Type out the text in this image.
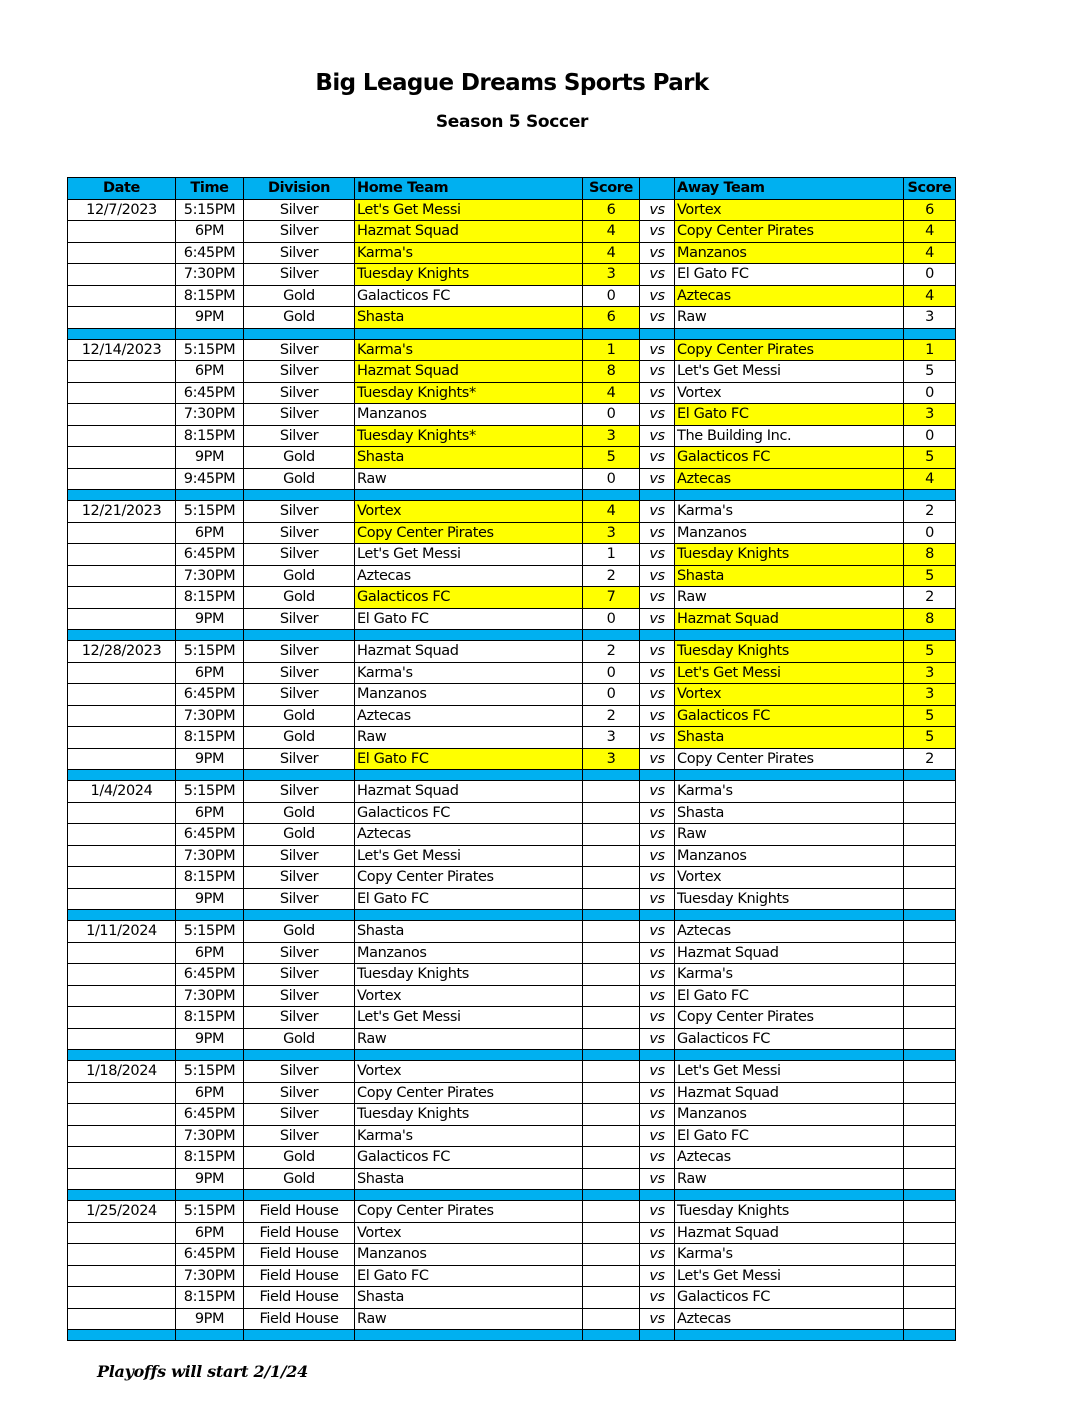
Big League Dreams Sports Park
Season 5 Soccer
Date	Time	Division	Home Team	Score		Away Team	Score
12/7/2023	5:15PM	Silver	Let's Get Messi	6	vs	Vortex	6
	6PM	Silver	Hazmat Squad	4	vs	Copy Center Pirates	4
	6:45PM	Silver	Karma's	4	vs	Manzanos	4
	7:30PM	Silver	Tuesday Knights	3	vs	El Gato FC	0
	8:15PM	Gold	Galacticos FC	0	vs	Aztecas	4
	9PM	Gold	Shasta	6	vs	Raw	3

12/14/2023	5:15PM	Silver	Karma's	1	vs	Copy Center Pirates	1
	6PM	Silver	Hazmat Squad	8	vs	Let's Get Messi	5
	6:45PM	Silver	Tuesday Knights*	4	vs	Vortex	0
	7:30PM	Silver	Manzanos	0	vs	El Gato FC	3
	8:15PM	Silver	Tuesday Knights*	3	vs	The Building Inc.	0
	9PM	Gold	Shasta	5	vs	Galacticos FC	5
	9:45PM	Gold	Raw	0	vs	Aztecas	4

12/21/2023	5:15PM	Silver	Vortex	4	vs	Karma's	2
	6PM	Silver	Copy Center Pirates	3	vs	Manzanos	0
	6:45PM	Silver	Let's Get Messi	1	vs	Tuesday Knights	8
	7:30PM	Gold	Aztecas	2	vs	Shasta	5
	8:15PM	Gold	Galacticos FC	7	vs	Raw	2
	9PM	Silver	El Gato FC	0	vs	Hazmat Squad	8

12/28/2023	5:15PM	Silver	Hazmat Squad	2	vs	Tuesday Knights	5
	6PM	Silver	Karma's	0	vs	Let's Get Messi	3
	6:45PM	Silver	Manzanos	0	vs	Vortex	3
	7:30PM	Gold	Aztecas	2	vs	Galacticos FC	5
	8:15PM	Gold	Raw	3	vs	Shasta	5
	9PM	Silver	El Gato FC	3	vs	Copy Center Pirates	2

1/4/2024	5:15PM	Silver	Hazmat Squad		vs	Karma's	
	6PM	Gold	Galacticos FC		vs	Shasta	
	6:45PM	Gold	Aztecas		vs	Raw	
	7:30PM	Silver	Let's Get Messi		vs	Manzanos	
	8:15PM	Silver	Copy Center Pirates		vs	Vortex	
	9PM	Silver	El Gato FC		vs	Tuesday Knights	

1/11/2024	5:15PM	Gold	Shasta		vs	Aztecas	
	6PM	Silver	Manzanos		vs	Hazmat Squad	
	6:45PM	Silver	Tuesday Knights		vs	Karma's	
	7:30PM	Silver	Vortex		vs	El Gato FC	
	8:15PM	Silver	Let's Get Messi		vs	Copy Center Pirates	
	9PM	Gold	Raw		vs	Galacticos FC	

1/18/2024	5:15PM	Silver	Vortex		vs	Let's Get Messi	
	6PM	Silver	Copy Center Pirates		vs	Hazmat Squad	
	6:45PM	Silver	Tuesday Knights		vs	Manzanos	
	7:30PM	Silver	Karma's		vs	El Gato FC	
	8:15PM	Gold	Galacticos FC		vs	Aztecas	
	9PM	Gold	Shasta		vs	Raw	

1/25/2024	5:15PM	Field House	Copy Center Pirates		vs	Tuesday Knights	
	6PM	Field House	Vortex		vs	Hazmat Squad	
	6:45PM	Field House	Manzanos		vs	Karma's	
	7:30PM	Field House	El Gato FC		vs	Let's Get Messi	
	8:15PM	Field House	Shasta		vs	Galacticos FC	
	9PM	Field House	Raw		vs	Aztecas	

Playoffs will start 2/1/24
